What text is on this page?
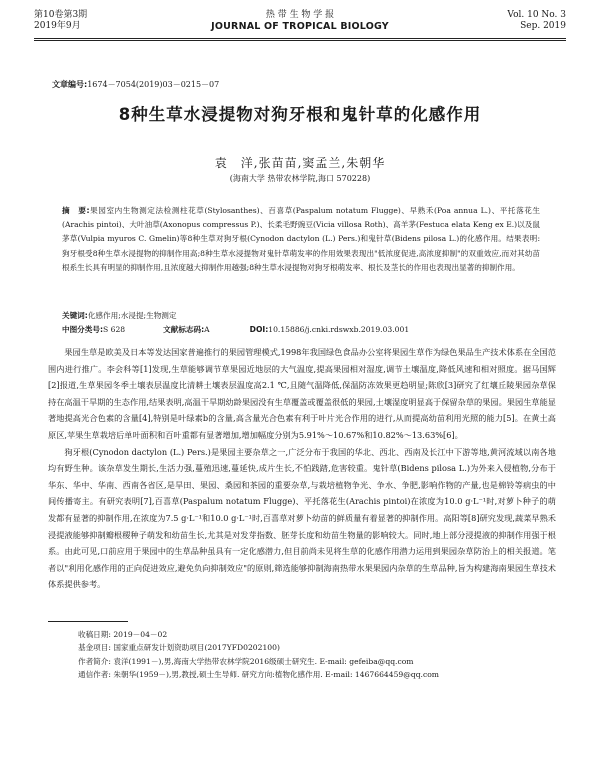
第10卷第3期
2019年9月
热 带 生 物 学 报
JOURNAL OF TROPICAL BIOLOGY
Vol. 10 No. 3
Sep. 2019
文章编号:1674－7054(2019)03－0215－07
8种生草水浸提物对狗牙根和鬼针草的化感作用
袁　洋,张苗苗,窦孟兰,朱朝华
(海南大学 热带农林学院,海口 570228)
摘　要:果园室内生物测定法检测柱花草(Stylosanthes)、百喜草(Paspalum notatum Flugge)、早熟禾(Poa annua L.)、平托落花生(Arachis pintoi)、大叶油草(Axonopus compressus P.)、长柔毛野豌豆(Vicia villosa Roth)、高羊茅(Festuca elata Keng ex E.)以及鼠茅草(Vulpia myuros C. Gmelin)等8种生草对狗牙根(Cynodon dactylon (L.) Pers.)和鬼针草(Bidens pilosa L.)的化感作用。结果表明:狗牙根受8种生草水浸提物的抑制作用高;8种生草水浸提物对鬼针草萌发率的作用效果表现出"低浓度促进,高浓度抑制"的双重效应,而对其幼苗根系生长具有明显的抑制作用,且浓度越大抑制作用越强;8种生草水浸提物对狗牙根萌发率、根长及茎长的作用也表现出显著的抑制作用。
关键词:化感作用;水浸提;生物测定
中图分类号:S 628	文献标志码:A	DOI:10.15886/j.cnki.rdswxb.2019.03.001

果园生草是欧美及日本等发达国家普遍推行的果园管理模式,1998年我国绿色食品办公室将果园生草作为绿色果品生产技术体系在全国范围内进行推广。李会科等[1]发现,生草能够调节草果园近地层的大气温度,提高果园相对湿度,调节土壤温度,降低风速和相对照度。据马国辉[2]报道,生草果园冬季土壤表层温度比清耕土壤表层温度高2.1 ℃,且随气温降低,保温防冻效果更趋明显;陈欣[3]研究了红壤丘陵果园杂草保持在高温干旱期的生态作用,结果表明,高温干旱期幼龄果园没有生草覆盖或覆盖很低的果园,土壤湿度明显高于保留杂草的果园。果园生草能显著地提高光合色素的含量[4],特别是叶绿素b的含量,高含量光合色素有利于叶片光合作用的进行,从而提高幼苗利用光照的能力[5]。在黄土高原区,苹果生草栽培后单叶面积和百叶重都有显著增加,增加幅度分别为5.91%～10.67%和10.82%～13.63%[6]。

狗牙根(Cynodon dactylon (L.) Pers.)是果园主要杂草之一,广泛分布于我国的华北、西北、西南及长江中下游等地,黄河流域以南各地均有野生种。该杂草发生期长,生活力强,蔓殖迅速,蔓延快,成片生长,不怕践踏,危害较重。鬼针草(Bidens pilosa L.)为外来入侵植物,分布于华东、华中、华南、西南各省区,是旱田、果园、桑园和茶园的重要杂草,与栽培植物争光、争水、争肥,影响作物的产量,也是棉铃等病虫的中间传播寄主。有研究表明[7],百喜草(Paspalum notatum Flugge)、平托落花生(Arachis pintoi)在浓度为10.0 g·L⁻¹时,对萝卜种子的萌发都有显著的抑制作用,在浓度为7.5 g·L⁻¹和10.0 g·L⁻¹时,百喜草对萝卜幼苗的鲜质量有着显著的抑制作用。高阳等[8]研究发现,蔬菜早熟禾浸提液能够抑制瓣根稷种子萌发和幼苗生长,尤其是对发芽指数、胚芽长度和幼苗生物量的影响较大。同时,地上部分浸提液的抑制作用强于根系。由此可见,口前应用于果园中的生草品种虽具有一定化感潜力,但目前尚未见将生草的化感作用潜力运用到果园杂草防治上的相关报道。笔者以"利用化感作用的正向促进效应,避免负向抑制效应"的原则,筛选能够抑制海南热带水果果园内杂草的生草品种,旨为构建海南果园生草技术体系提供参考。

收稿日期: 2019－04－02
基金项目: 国家重点研发计划资助项目(2017YFD0202100)
作者简介: 袁洋(1991－),男,海南大学热带农林学院2016级硕士研究生. E-mail: gefeiba@qq.com
通信作者: 朱朝华(1959－),男,教授,硕士生导师. 研究方向:植物化感作用. E-mail: 1467664459@qq.com
